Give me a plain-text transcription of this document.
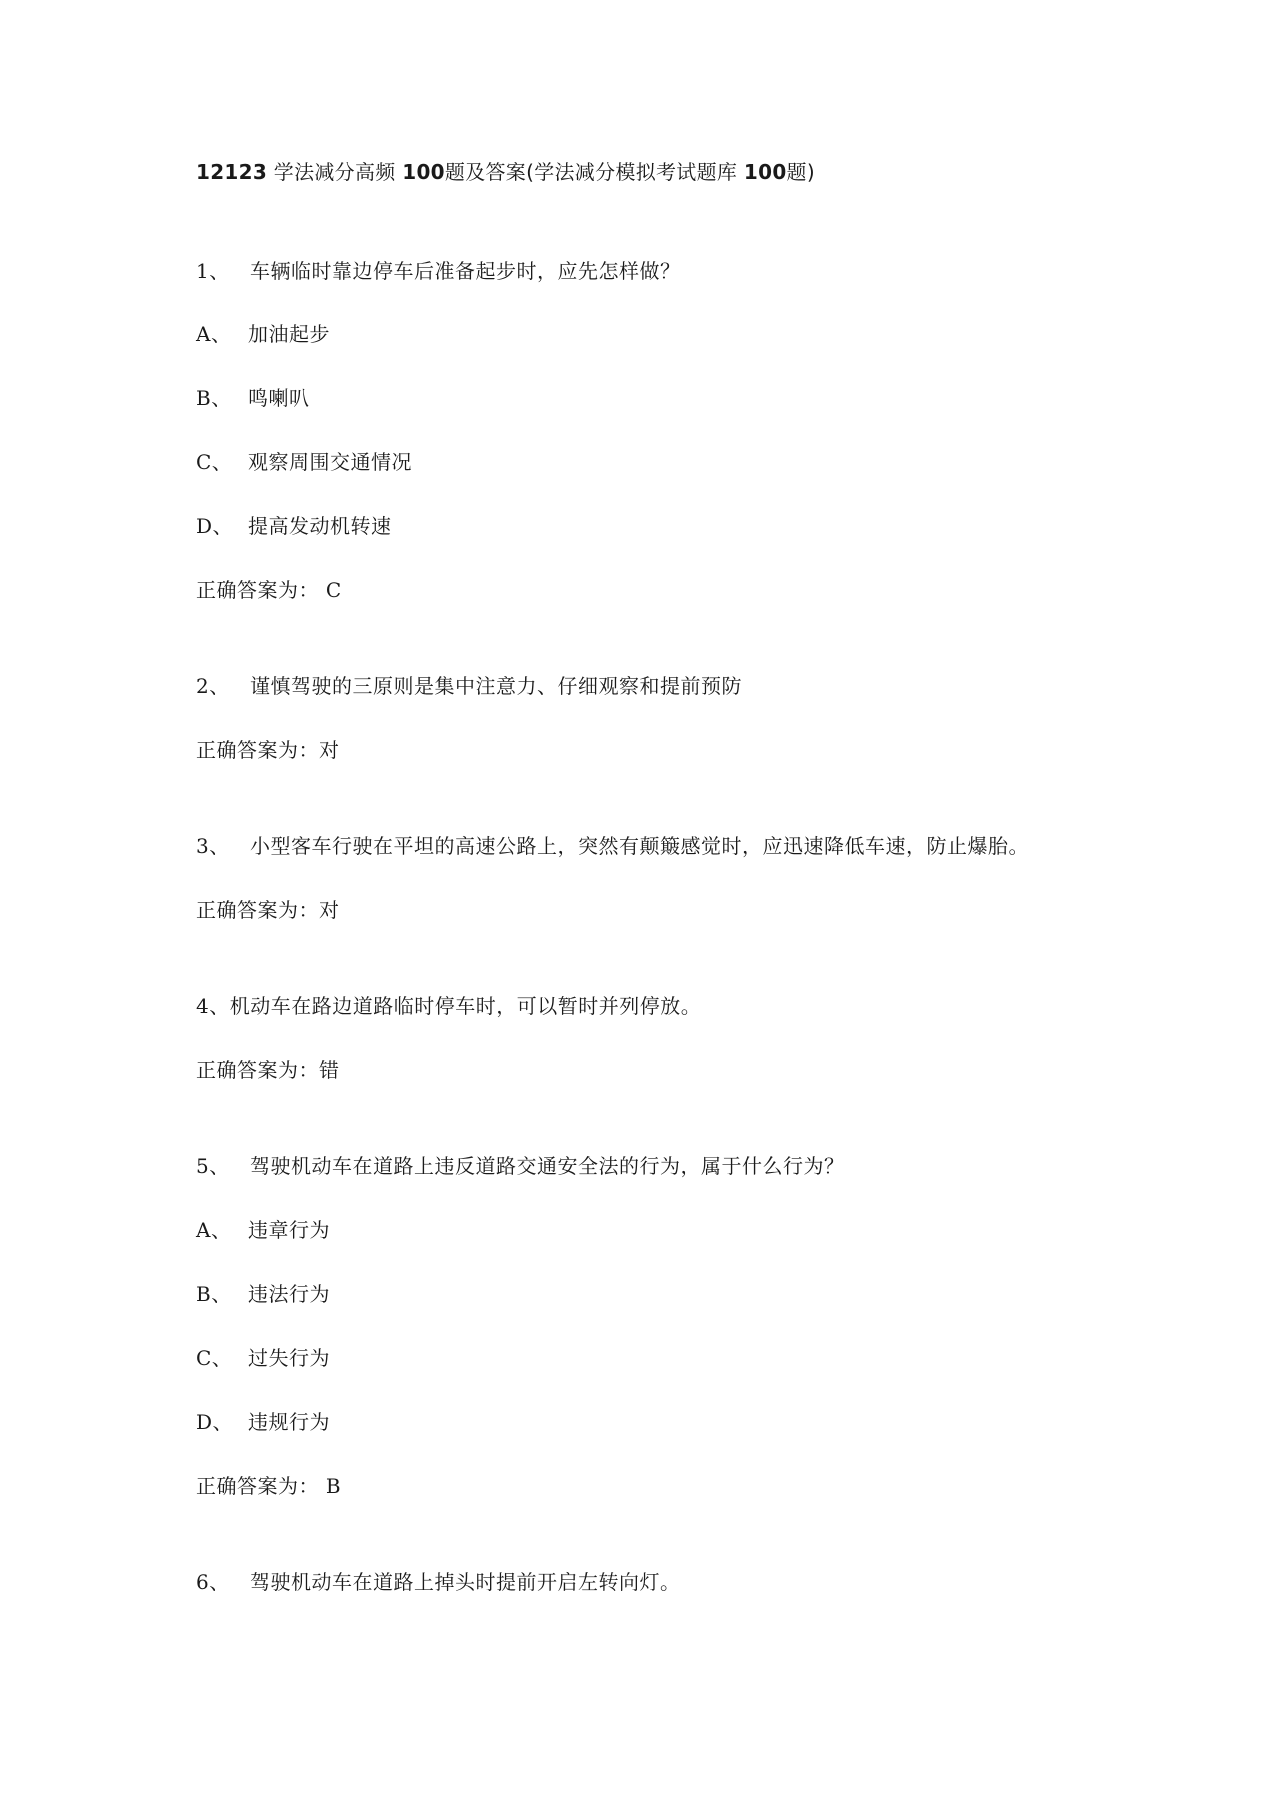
12123 学法减分高频 100题及答案(学法减分模拟考试题库 100题)
1、 车辆临时靠边停车后准备起步时，应先怎样做？
A、 加油起步
B、 鸣喇叭
C、 观察周围交通情况
D、 提高发动机转速
正确答案为： C
2、 谨慎驾驶的三原则是集中注意力、仔细观察和提前预防
正确答案为：对
3、 小型客车行驶在平坦的高速公路上，突然有颠簸感觉时，应迅速降低车速，防止爆胎。
正确答案为：对
4、机动车在路边道路临时停车时，可以暂时并列停放。
正确答案为：错
5、 驾驶机动车在道路上违反道路交通安全法的行为，属于什么行为？
A、 违章行为
B、 违法行为
C、 过失行为
D、 违规行为
正确答案为： B
6、 驾驶机动车在道路上掉头时提前开启左转向灯。
